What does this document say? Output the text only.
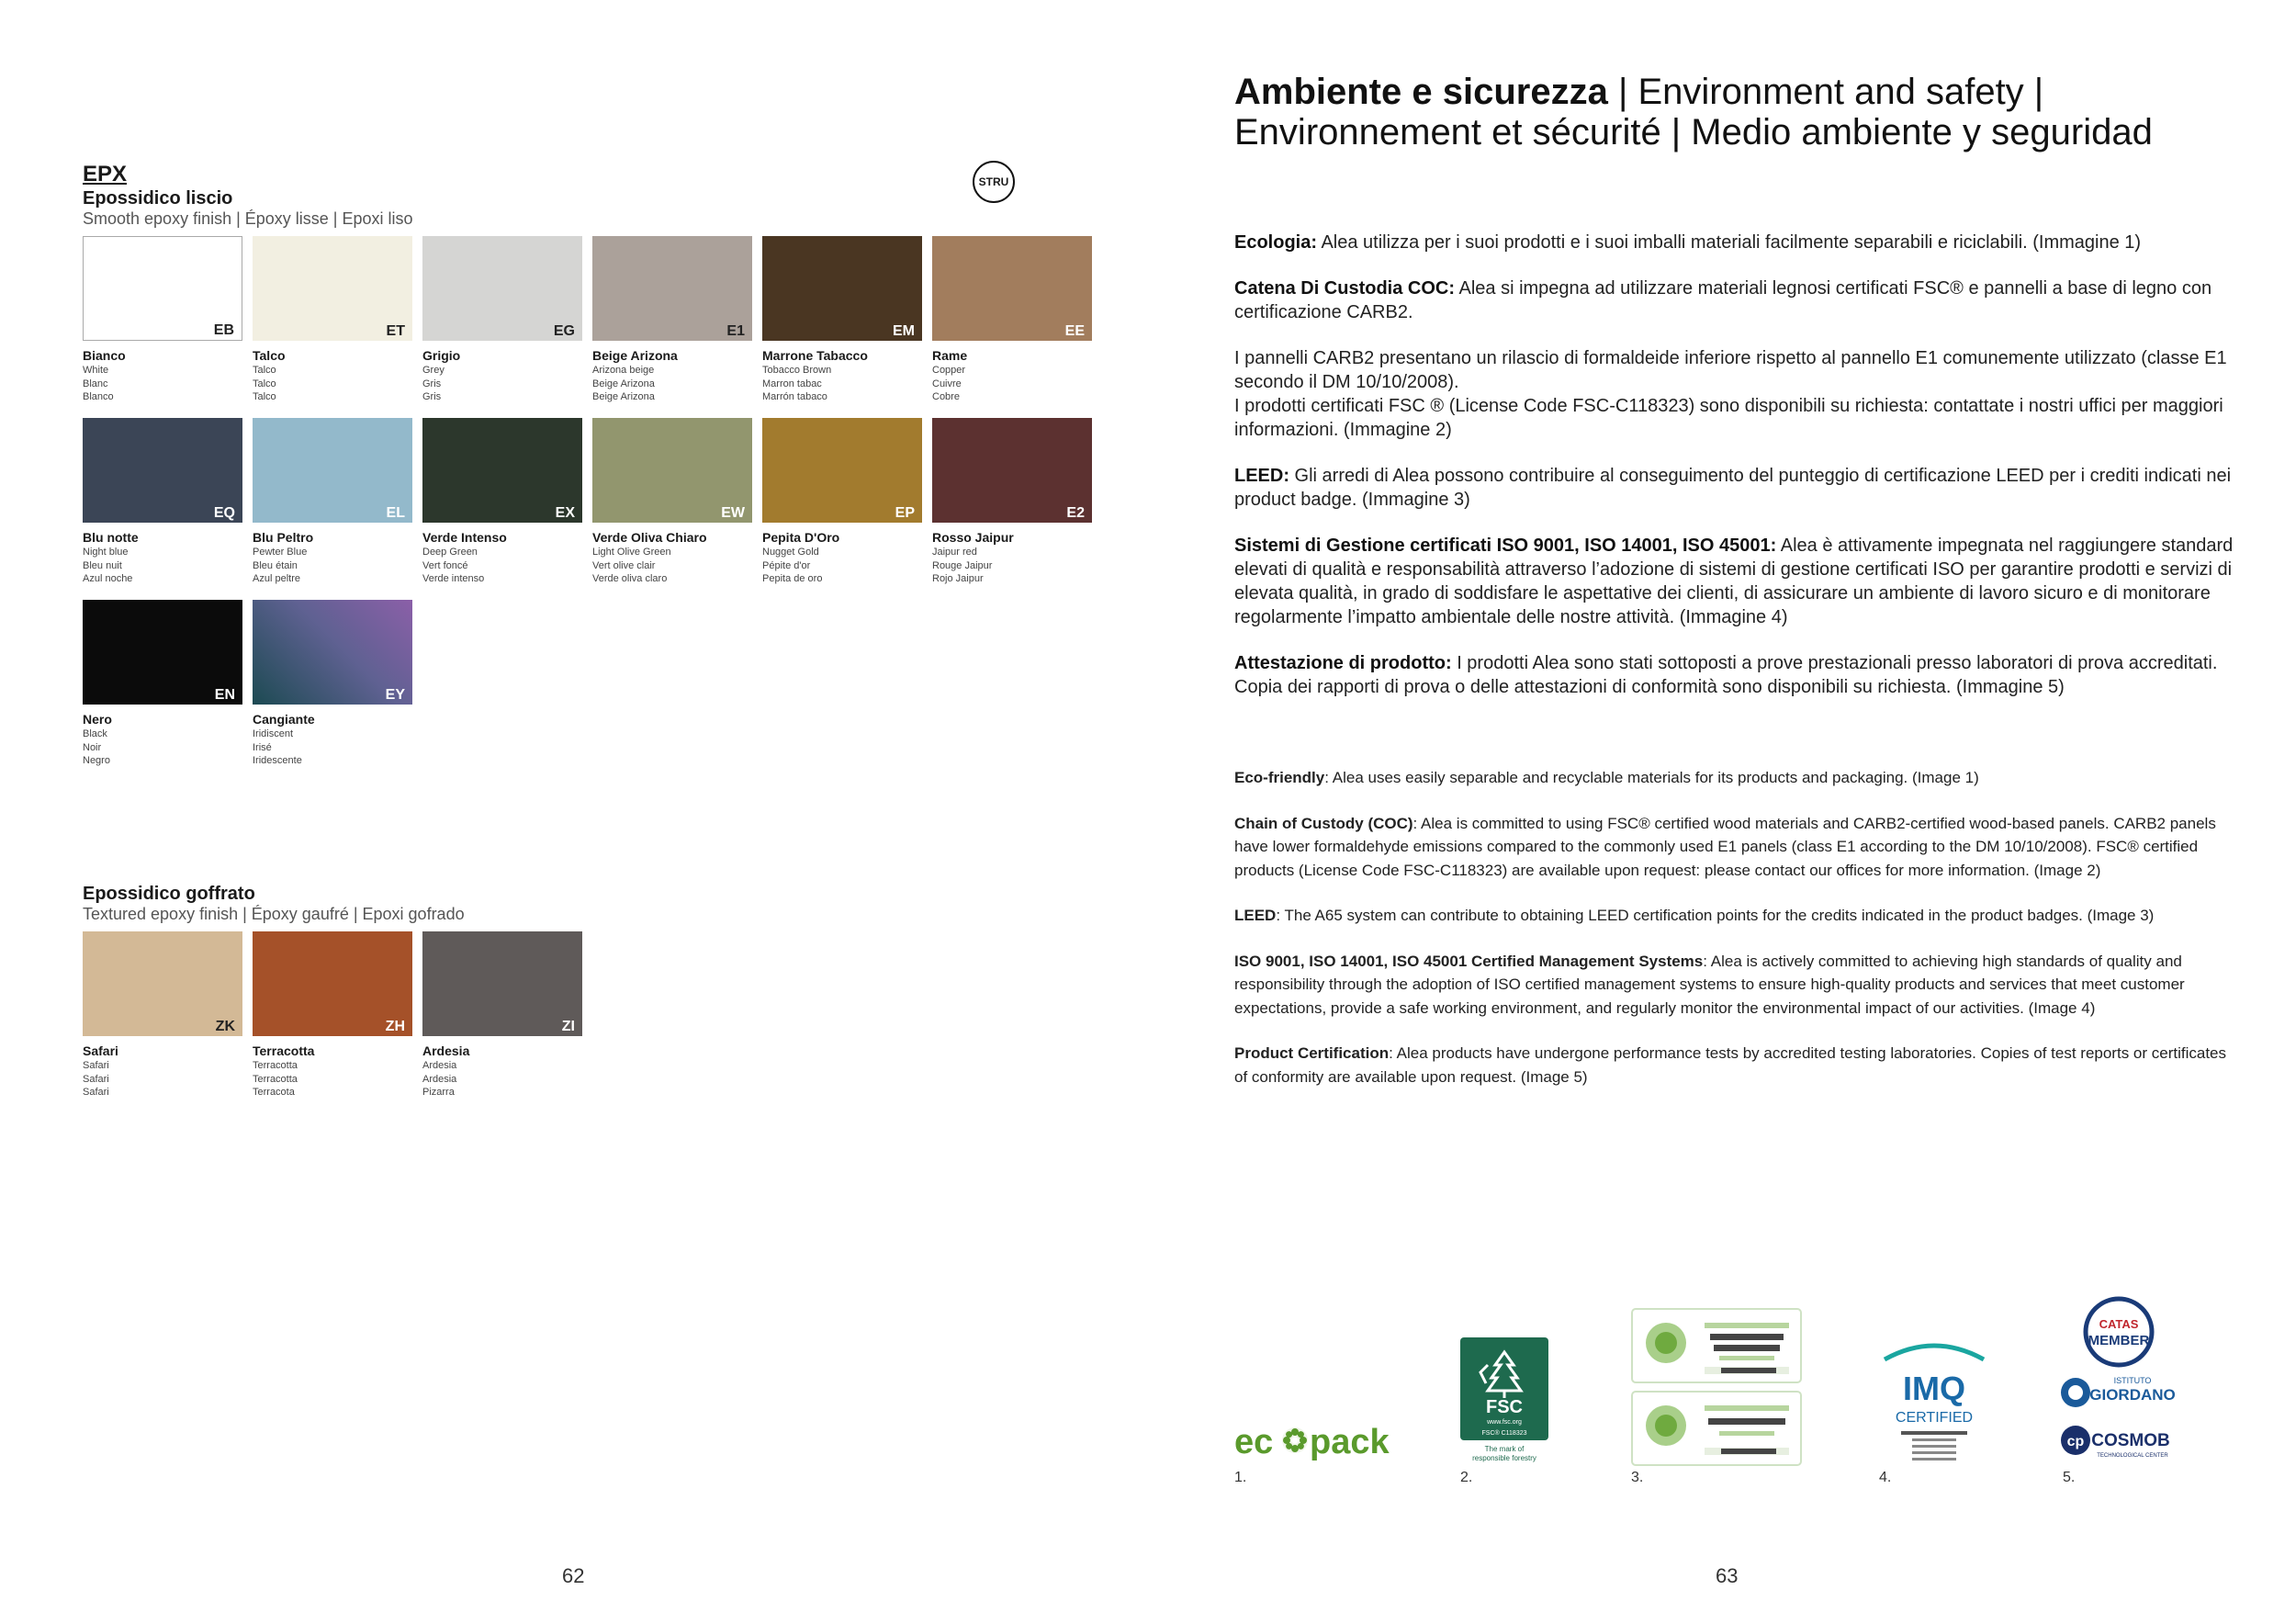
EPX
Epossidico liscio
Smooth epoxy finish | Époxy lisse | Epoxi liso
STRU
EB
Bianco
White
Blanc
Blanco
ET
Talco
Talco
Talco
Talco
EG
Grigio
Grey
Gris
Gris
E1
Beige Arizona
Arizona beige
Beige Arizona
Beige Arizona
EM
Marrone Tabacco
Tobacco Brown
Marron tabac
Marrón tabaco
EE
Rame
Copper
Cuivre
Cobre
EQ
Blu notte
Night blue
Bleu nuit
Azul noche
EL
Blu Peltro
Pewter Blue
Bleu étain
Azul peltre
EX
Verde Intenso
Deep Green
Vert foncé
Verde intenso
EW
Verde Oliva Chiaro
Light Olive Green
Vert olive clair
Verde oliva claro
EP
Pepita D'Oro
Nugget Gold
Pépite d'or
Pepita de oro
E2
Rosso Jaipur
Jaipur red
Rouge Jaipur
Rojo Jaipur
EN
Nero
Black
Noir
Negro
EY
Cangiante
Iridiscent
Irisé
Iridescente
Epossidico goffrato
Textured epoxy finish | Époxy gaufré | Epoxi gofrado
ZK
Safari
Safari
Safari
Safari
ZH
Terracotta
Terracotta
Terracotta
Terracota
ZI
Ardesia
Ardesia
Ardesia
Pizarra
62
Ambiente e sicurezza | Environment and safety |
Environnement et sécurité | Medio ambiente y seguridad

Ecologia: Alea utilizza per i suoi prodotti e i suoi imballi materiali facilmente separabili e riciclabili. (Immagine 1)

Catena Di Custodia COC: Alea si impegna ad utilizzare materiali legnosi certificati FSC® e pannelli a base di legno con certificazione CARB2.

I pannelli CARB2 presentano un rilascio di formaldeide inferiore rispetto al pannello E1 comunemente utilizzato (classe E1 secondo il DM 10/10/2008).
I prodotti certificati FSC ® (License Code FSC-C118323) sono disponibili su richiesta: contattate i nostri uffici per maggiori informazioni. (Immagine 2)

LEED: Gli arredi di Alea possono contribuire al conseguimento del punteggio di certificazione LEED per i crediti indicati nei product badge. (Immagine 3)

Sistemi di Gestione certificati ISO 9001, ISO 14001, ISO 45001: Alea è attivamente impegnata nel raggiungere standard elevati di qualità e responsabilità attraverso l’adozione di sistemi di gestione certificati ISO per garantire prodotti e servizi di elevata qualità, in grado di soddisfare le aspettative dei clienti, di assicurare un ambiente di lavoro sicuro e di monitorare regolarmente l’impatto ambientale delle nostre attività. (Immagine 4)

Attestazione di prodotto: I prodotti Alea sono stati sottoposti a prove prestazionali presso laboratori di prova accreditati.
Copia dei rapporti di prova o delle attestazioni di conformità sono disponibili su richiesta. (Immagine 5)

Eco-friendly: Alea uses easily separable and recyclable materials for its products and packaging. (Image 1)

Chain of Custody (COC): Alea is committed to using FSC® certified wood materials and CARB2-certified wood-based panels. CARB2 panels have lower formaldehyde emissions compared to the commonly used E1 panels (class E1 according to the DM 10/10/2008). FSC® certified products (License Code FSC-C118323) are available upon request: please contact our offices for more information. (Image 2)

LEED: The A65 system can contribute to obtaining LEED certification points for the credits indicated in the product badges. (Image 3)

ISO 9001, ISO 14001, ISO 45001 Certified Management Systems: Alea is actively committed to achieving high standards of quality and responsibility through the adoption of ISO certified management systems to ensure high-quality products and services that meet customer expectations, provide a safe working environment, and regularly monitor the environmental impact of our activities. (Image 4)

Product Certification: Alea products have undergone performance tests by accredited testing laboratories. Copies of test reports or certificates of conformity are available upon request. (Image 5)

ec pack
1.
FSC
www.fsc.org
FSC® C118323
The mark of
responsible forestry
2.	3.
IMQ
CERTIFIED
4.
CATAS
MEMBER
ISTITUTO
GIORDANO
cp COSMOB
TECHNOLOGICAL CENTER
5.
63
